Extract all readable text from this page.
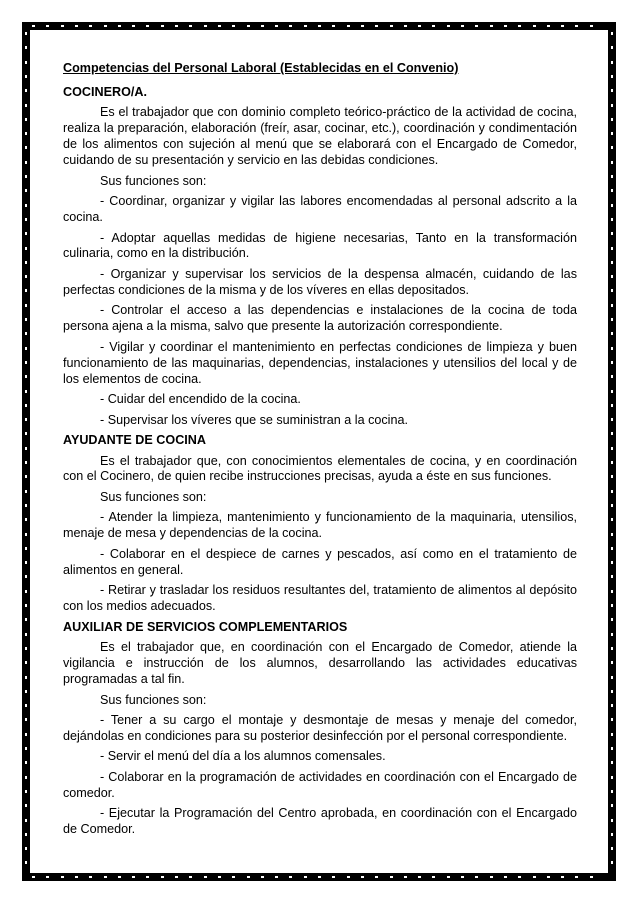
Competencias del Personal Laboral (Establecidas en el Convenio)
COCINERO/A.

Es el trabajador que con dominio completo teórico-práctico de la actividad de cocina, realiza la preparación, elaboración (freír, asar, cocinar, etc.), coordinación y condimentación de los alimentos con sujeción al menú que se elaborará con el Encargado de Comedor, cuidando de su presentación y servicio en las debidas condiciones.

Sus funciones son:

- Coordinar, organizar y vigilar las labores encomendadas al personal adscrito a la cocina.

- Adoptar aquellas medidas de higiene necesarias, Tanto en la transformación culinaria, como en la distribución.

- Organizar y supervisar los servicios de la despensa almacén, cuidando de las perfectas condiciones de la misma y de los víveres en ellas depositados.

- Controlar el acceso a las dependencias e instalaciones de la cocina de toda persona ajena a la misma, salvo que presente la autorización correspondiente.

- Vigilar y coordinar el mantenimiento en perfectas condiciones de limpieza y buen funcionamiento de las maquinarias, dependencias, instalaciones y utensilios del local y de los elementos de cocina.

- Cuidar del encendido de la cocina.

- Supervisar los víveres que se suministran a la cocina.

AYUDANTE DE COCINA

Es el trabajador que, con conocimientos elementales de cocina, y en coordinación con el Cocinero, de quien recibe instrucciones precisas, ayuda a éste en sus funciones.

Sus funciones son:

- Atender la limpieza, mantenimiento y funcionamiento de la maquinaria, utensilios, menaje de mesa y dependencias de la cocina.

- Colaborar en el despiece de carnes y pescados, así como en el tratamiento de alimentos en general.

- Retirar y trasladar los residuos resultantes del, tratamiento de alimentos al depósito con los medios adecuados.

AUXILIAR DE SERVICIOS COMPLEMENTARIOS

Es el trabajador que, en coordinación con el Encargado de Comedor, atiende la vigilancia e instrucción de los alumnos, desarrollando las actividades educativas programadas a tal fin.

Sus funciones son:

- Tener a su cargo el montaje y desmontaje de mesas y menaje del comedor, dejándolas en condiciones para su posterior desinfección por el personal correspondiente.

- Servir el menú del día a los alumnos comensales.

- Colaborar en la programación de actividades en coordinación con el Encargado de comedor.

- Ejecutar la Programación del Centro aprobada, en coordinación con el Encargado de Comedor.
